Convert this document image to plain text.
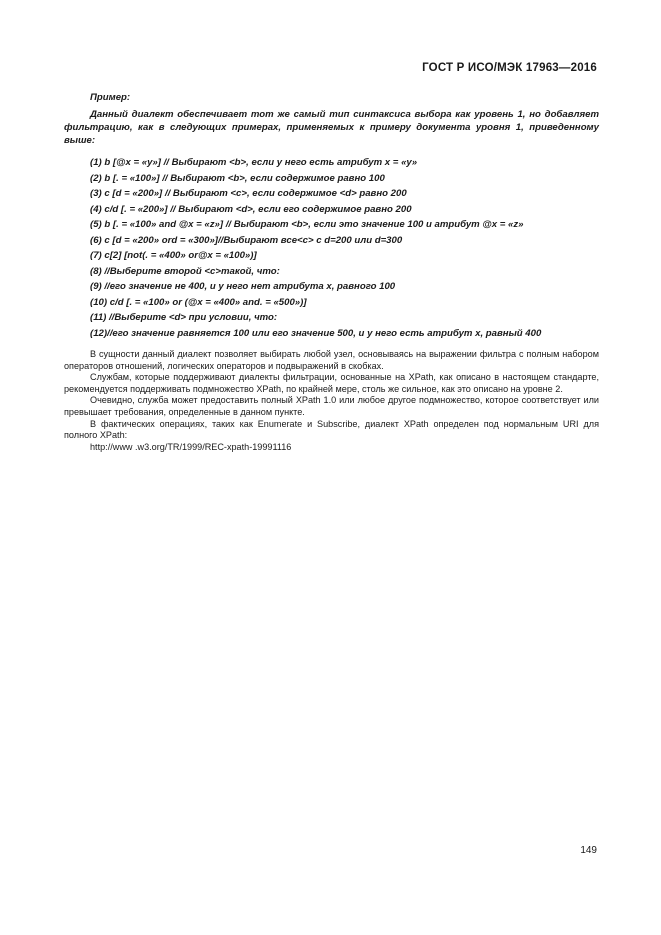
ГОСТ Р ИСО/МЭК 17963—2016

Пример:

Данный диалект обеспечивает тот же самый тип синтаксиса выбора как уровень 1, но добавляет фильтрацию, как в следующих примерах, применяемых к примеру документа уровня 1, приведенному выше:

(1) b [@x = «y»] // Выбирают <b>, если у него есть атрибут x = «y»
(2) b [. = «100»] // Выбирают <b>, если содержимое равно 100
(3) c [d = «200»] // Выбирают <c>, если содержимое <d> равно 200
(4) c/d [. = «200»] // Выбирают <d>, если его содержимое равно 200
(5) b [. = «100» and @x = «z»] // Выбирают <b>, если это значение 100 и атрибут @x = «z»
(6) c [d = «200» ord = «300»]//Выбирают все<c> с d=200 или d=300
(7) c[2] [not(. = «400» or@x = «100»)]
(8) //Выберите второй <c>такой, что:
(9) //его значение не 400, и у него нет атрибута x, равного 100
(10) c/d [. = «100» or (@x = «400» and. = «500»)]
(11) //Выберите <d> при условии, что:
(12)//его значение равняется 100 или его значение 500, и у него есть атрибут x, равный 400

В сущности данный диалект позволяет выбирать любой узел, основываясь на выражении фильтра с полным набором операторов отношений, логических операторов и подвыражений в скобках.

Службам, которые поддерживают диалекты фильтрации, основанные на XPath, как описано в настоящем стандарте, рекомендуется поддерживать подмножество XPath, по крайней мере, столь же сильное, как это описано на уровне 2.

Очевидно, служба может предоставить полный XPath 1.0 или любое другое подмножество, которое соответствует или превышает требования, определенные в данном пункте.

В фактических операциях, таких как Enumerate и Subscribe, диалект XPath определен под нормальным URI для полного XPath:

http://www .w3.org/TR/1999/REC-xpath-19991116

149
